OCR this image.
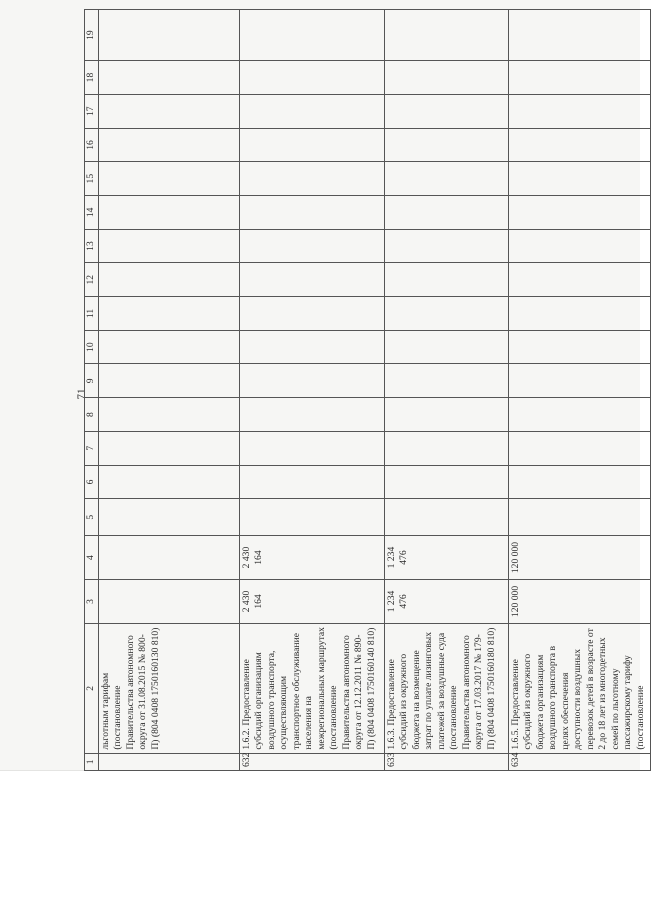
71
1	2	3	4	5	6	7	8	9	10	11	12	13	14	15	16	17	18	19
	льготным тарифам (постановление Правительства автономного округа от 31.08.2015 № 800-П) (804 0408 1750160130 810)																	
632	1.6.2. Предоставление субсидий организациям воздушного транспорта, осуществляющим транспортное обслуживание населения на межрегиональных маршрутах (постановление Правительства автономного округа от 12.12.2011 № 890-П) (804 0408 1750160140 810)	2 430 164	2 430 164															
633	1.6.3. Предоставление субсидий из окружного бюджета на возмещение затрат по уплате лизинговых платежей за воздушные суда (постановление Правительства автономного округа от 17.03.2017 № 179-П) (804 0408 1750160180 810)	1 234 476	1 234 476															
634	1.6.5. Предоставление субсидий из окружного бюджета организациям воздушного транспорта в целях обеспечения доступности воздушных перевозок детей в возрасте от 2 до 18 лет из многодетных семей по льготному пассажирскому тарифу (постановление	120 000	120 000															
